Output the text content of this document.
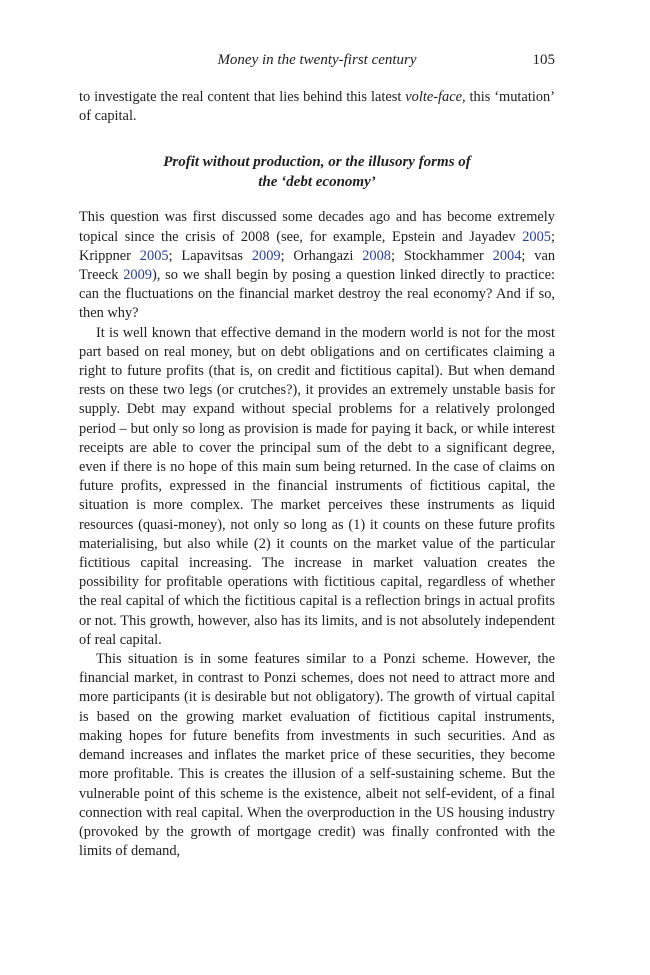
Money in the twenty-first century	105

to investigate the real content that lies behind this latest volte-face, this ‘mutation’ of capital.

Profit without production, or the illusory forms of
the ‘debt economy’

This question was first discussed some decades ago and has become extremely topical since the crisis of 2008 (see, for example, Epstein and Jayadev 2005; Krippner 2005; Lapavitsas 2009; Orhangazi 2008; Stockhammer 2004; van Treeck 2009), so we shall begin by posing a question linked directly to practice: can the fluctuations on the financial market destroy the real economy? And if so, then why?

It is well known that effective demand in the modern world is not for the most part based on real money, but on debt obligations and on certificates claiming a right to future profits (that is, on credit and fictitious capital). But when demand rests on these two legs (or crutches?), it provides an extremely unstable basis for supply. Debt may expand without special problems for a relatively prolonged period – but only so long as provision is made for paying it back, or while interest receipts are able to cover the principal sum of the debt to a significant degree, even if there is no hope of this main sum being returned. In the case of claims on future profits, expressed in the financial instruments of fictitious capital, the situation is more complex. The market perceives these instruments as liquid resources (quasi-money), not only so long as (1) it counts on these future profits materialising, but also while (2) it counts on the market value of the particular fictitious capital increasing. The increase in market valuation creates the possibility for profitable operations with fictitious capital, regardless of whether the real capital of which the fictitious capital is a reflection brings in actual profits or not. This growth, however, also has its limits, and is not absolutely independent of real capital.

This situation is in some features similar to a Ponzi scheme. However, the financial market, in contrast to Ponzi schemes, does not need to attract more and more participants (it is desirable but not obligatory). The growth of virtual capital is based on the growing market evaluation of fictitious capital instruments, making hopes for future benefits from investments in such securities. And as demand increases and inflates the market price of these securities, they become more profitable. This is creates the illusion of a self-sustaining scheme. But the vulnerable point of this scheme is the existence, albeit not self-evident, of a final connection with real capital. When the overproduction in the US housing industry (provoked by the growth of mortgage credit) was finally confronted with the limits of demand,
